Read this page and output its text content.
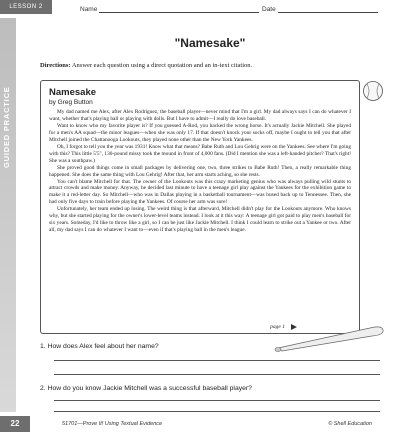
LESSON 2	Name	Date
GUIDED PRACTICE
"Namesake"
Directions: Answer each question using a direct quotation and an in-text citation.
Namesake
by Greg Button

My dad named me Alex, after Alex Rodriguez, the baseball player—never mind that I'm a girl. My dad always says I can do whatever I want, whether that's playing ball or playing with dolls. But I have to admit—I really do love baseball.

Want to know who my favorite player is? If you guessed A-Rod, you backed the wrong horse. It's actually Jackie Mitchell. She played for a men's AA squad—the minor leagues—when she was only 17. If that doesn't knock your socks off, maybe I ought to tell you that after Mitchell joined the Chattanooga Lookouts, they played none other than the New York Yankees.

Oh, I forgot to tell you the year was 1931! Know what that means? Babe Ruth and Lou Gehrig were on the Yankees. See where I'm going with this? This little 5'5", 130-pound missy took the mound in front of 4,000 fans. (Did I mention she was a left-handed pitcher? That's right! She was a southpaw.)

She proved good things come in small packages by delivering one, two, three strikes to Babe Ruth! Then, a really remarkable thing happened. She does the same thing with Lou Gehrig! After that, her arm starts aching, so she rests.

You can't blame Mitchell for that. The owner of the Lookouts was this crazy marketing genius who was always pulling wild stunts to attract crowds and make money. Anyway, he decided last minute to have a teenage girl play against the Yankees for the exhibition game to make it a red-letter day. So Mitchell—who was in Dallas playing in a basketball tournament—was bused back up to Tennessee. Then, she had only five days to train before playing the Yankees. Of course her arm was sore!

Unfortunately, her team ended up losing. The weird thing is that afterward, Mitchell didn't play for the Lookouts anymore. Who knows why, but she started playing for the owner's lower-level teams instead. I look at it this way: A teenage girl got paid to play men's baseball for six years. Someday, I'd like to throw like a girl, so I can be just like Jackie Mitchell. I think I could learn to strike out a Yankee or two. After all, my dad says I can do whatever I want to—even if that's playing ball in the men's league.

page 1
1. How does Alex feel about her name?
2. How do you know Jackie Mitchell was a successful baseball player?
22	51701—Prove It! Using Textual Evidence	© Shell Education
